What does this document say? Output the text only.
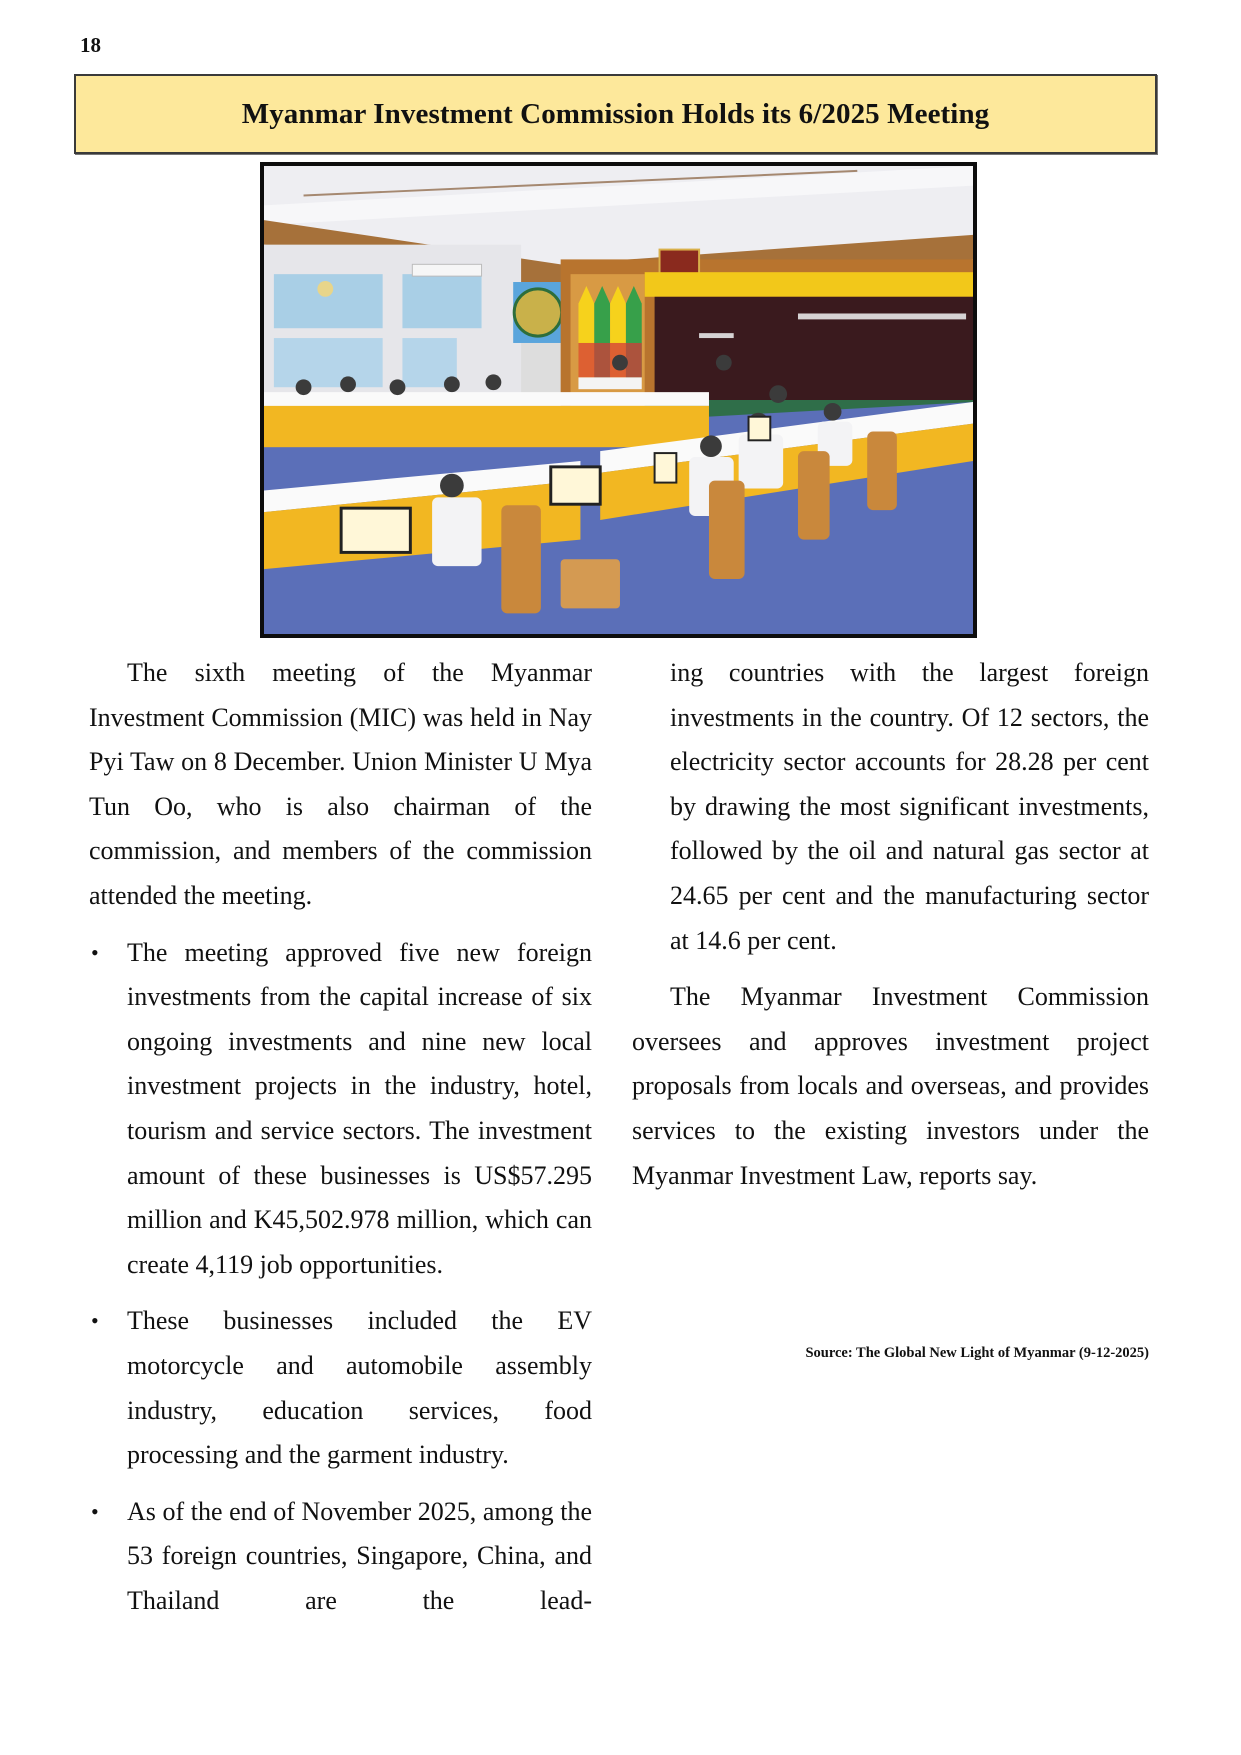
18
Myanmar Investment Commission Holds its 6/2025 Meeting

The sixth meeting of the Myanmar Investment Commission (MIC) was held in Nay Pyi Taw on 8 December. Union Minister U Mya Tun Oo, who is also chairman of the commission, and members of the commission attended the meeting.

• The meeting approved five new foreign investments from the capital increase of six ongoing investments and nine new local investment projects in the industry, hotel, tourism and service sectors. The investment amount of these businesses is US$57.295 million and K45,502.978 million, which can create 4,119 job opportunities.
• These businesses included the EV motorcycle and automobile assembly industry, education services, food processing and the garment industry.
• As of the end of November 2025, among the 53 foreign countries, Singapore, China, and Thailand are the lead-

ing countries with the largest foreign investments in the country. Of 12 sectors, the electricity sector accounts for 28.28 per cent by drawing the most significant investments, followed by the oil and natural gas sector at 24.65 per cent and the manufacturing sector at 14.6 per cent.

The Myanmar Investment Commission oversees and approves investment project proposals from locals and overseas, and provides services to the existing investors under the Myanmar Investment Law, reports say.

Source: The Global New Light of Myanmar (9-12-2025)
